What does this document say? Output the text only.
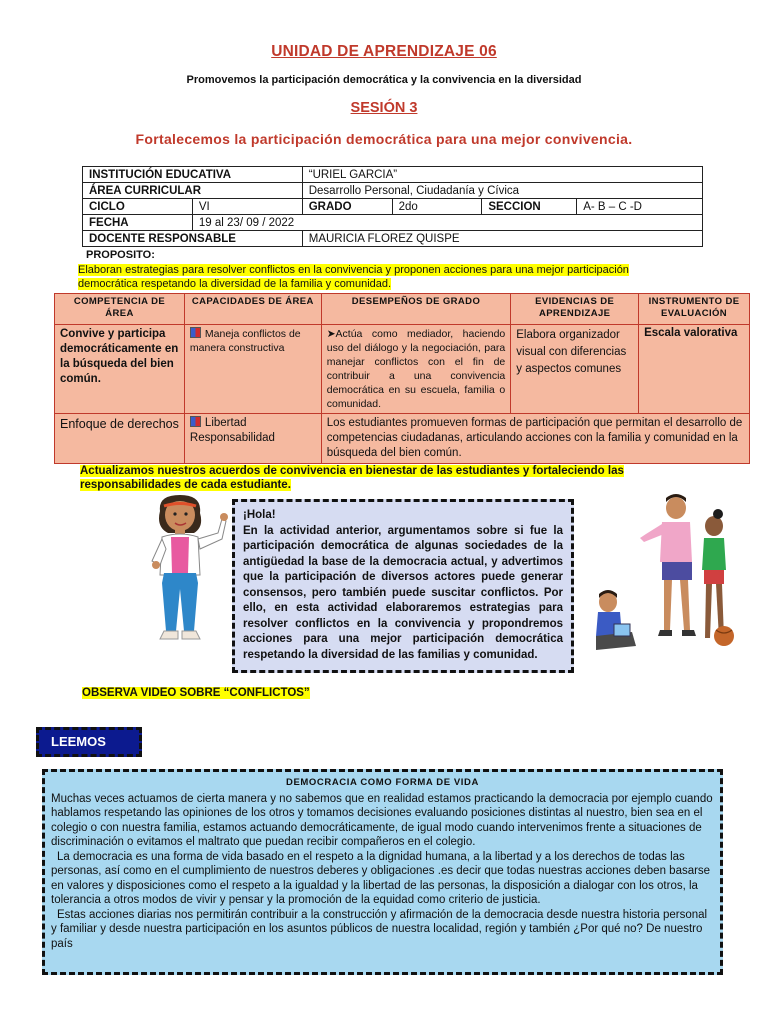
UNIDAD DE APRENDIZAJE 06
Promovemos la participación democrática y la convivencia en la diversidad
SESIÓN 3
Fortalecemos la participación democrática para una mejor convivencia.
INSTITUCIÓN EDUCATIVA		“URIEL GARCIA”			
ÁREA CURRICULAR		Desarrollo Personal, Ciudadanía y Cívica			
CICLO	VI	GRADO	2do	SECCION	A- B – C -D
FECHA	19 al 23/ 09 / 2022				
DOCENTE RESPONSABLE		MAURICIA FLOREZ QUISPE			
PROPOSITO:
Elaboran estrategias para resolver conflictos en la convivencia y proponen acciones para una mejor participación democrática respetando la diversidad de la familia y comunidad.
COMPETENCIA DE ÁREA	CAPACIDADES DE ÁREA	DESEMPEÑOS DE GRADO	EVIDENCIAS DE APRENDIZAJE	INSTRUMENTO DE EVALUACIÓN
Convive y participa democráticamente en la búsqueda del bien común.	Maneja conflictos de manera constructiva	➤Actúa como mediador, haciendo uso del diálogo y la negociación, para manejar conflictos con el fin de contribuir a una convivencia democrática en su escuela, familia o comunidad.	Elabora organizador visual con diferencias y aspectos comunes	Escala valorativa
Enfoque de derechos	Libertad Responsabilidad	Los estudiantes promueven formas de participación que permitan el desarrollo de competencias ciudadanas, articulando acciones con la familia y comunidad en la búsqueda del bien común.		
Actualizamos nuestros acuerdos de convivencia en bienestar de las estudiantes y fortaleciendo las responsabilidades de cada estudiante.
¡Hola!
En la actividad anterior, argumentamos sobre si fue la participación democrática de algunas sociedades de la antigüedad la base de la democracia actual, y advertimos que la participación de diversos actores puede generar consensos, pero también puede suscitar conflictos. Por ello, en esta actividad elaboraremos estrategias para resolver conflictos en la convivencia y propondremos acciones para una mejor participación democrática respetando la diversidad de las familias y comunidad.
OBSERVA VIDEO SOBRE “CONFLICTOS”
LEEMOS
DEMOCRACIA COMO FORMA DE VIDA

Muchas veces actuamos de cierta manera y no sabemos que en realidad estamos practicando la democracia por ejemplo cuando hablamos respetando las opiniones de los otros y tomamos decisiones evaluando posiciones distintas al nuestro, bien sea en el colegio o con nuestra familia, estamos actuando democráticamente, de igual modo cuando intervenimos frente a situaciones de discriminación o evitamos el maltrato que puedan recibir compañeros en el colegio.

La democracia es una forma de vida basado en el respeto a la dignidad humana, a la libertad y a los derechos de todas las personas, así como en el cumplimiento de nuestros deberes y obligaciones .es decir que todas nuestras acciones deben basarse en valores y disposiciones como el respeto a la igualdad y la libertad de las personas, la disposición a dialogar con los otros, la tolerancia a otros modos de vivir y pensar y la promoción de la equidad como criterio de justicia.

Estas acciones diarias nos permitirán contribuir a la construcción y afirmación de la democracia desde nuestra historia personal y familiar y desde nuestra participación en los asuntos públicos de nuestra localidad, región y también ¿Por qué no? De nuestro país
